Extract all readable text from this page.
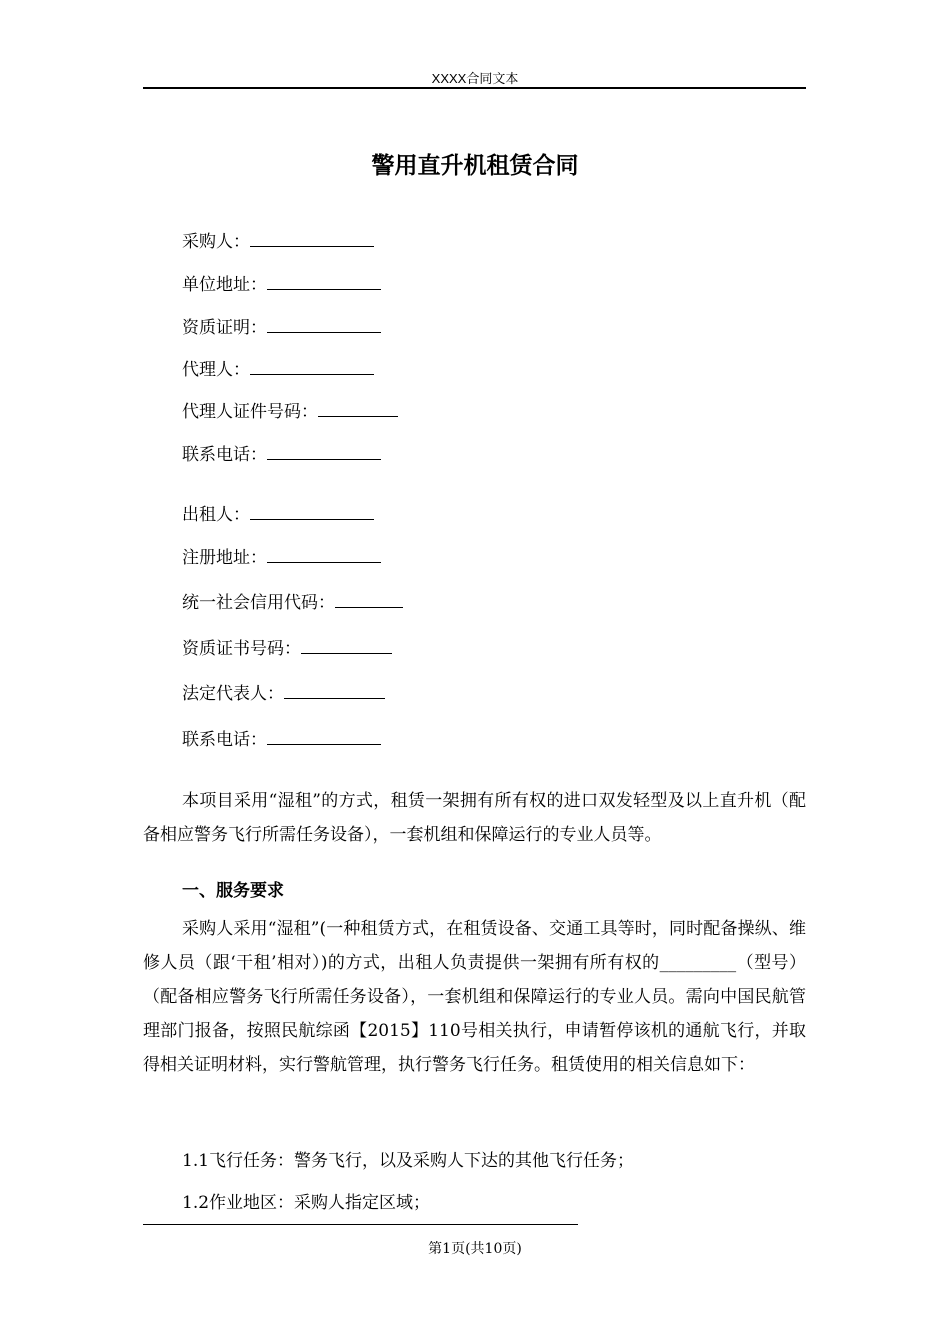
XXXX合同文本
警用直升机租赁合同
采购人：
单位地址：
资质证明：
代理人：
代理人证件号码：
联系电话：
出租人：
注册地址：
统一社会信用代码：
资质证书号码：
法定代表人：
联系电话：
本项目采用“湿租”的方式，租赁一架拥有所有权的进口双发轻型及以上直升机（配备相应警务飞行所需任务设备），一套机组和保障运行的专业人员等。
一、服务要求
采购人采用“湿租”(一种租赁方式，在租赁设备、交通工具等时，同时配备操纵、维修人员（跟‘干租’相对）)的方式，出租人负责提供一架拥有所有权的_________（型号）（配备相应警务飞行所需任务设备），一套机组和保障运行的专业人员。需向中国民航管理部门报备，按照民航综函【2015】110号相关执行，申请暂停该机的通航飞行，并取得相关证明材料，实行警航管理，执行警务飞行任务。租赁使用的相关信息如下：
1.1飞行任务：警务飞行，以及采购人下达的其他飞行任务；
1.2作业地区：采购人指定区域；
第1页(共10页)
